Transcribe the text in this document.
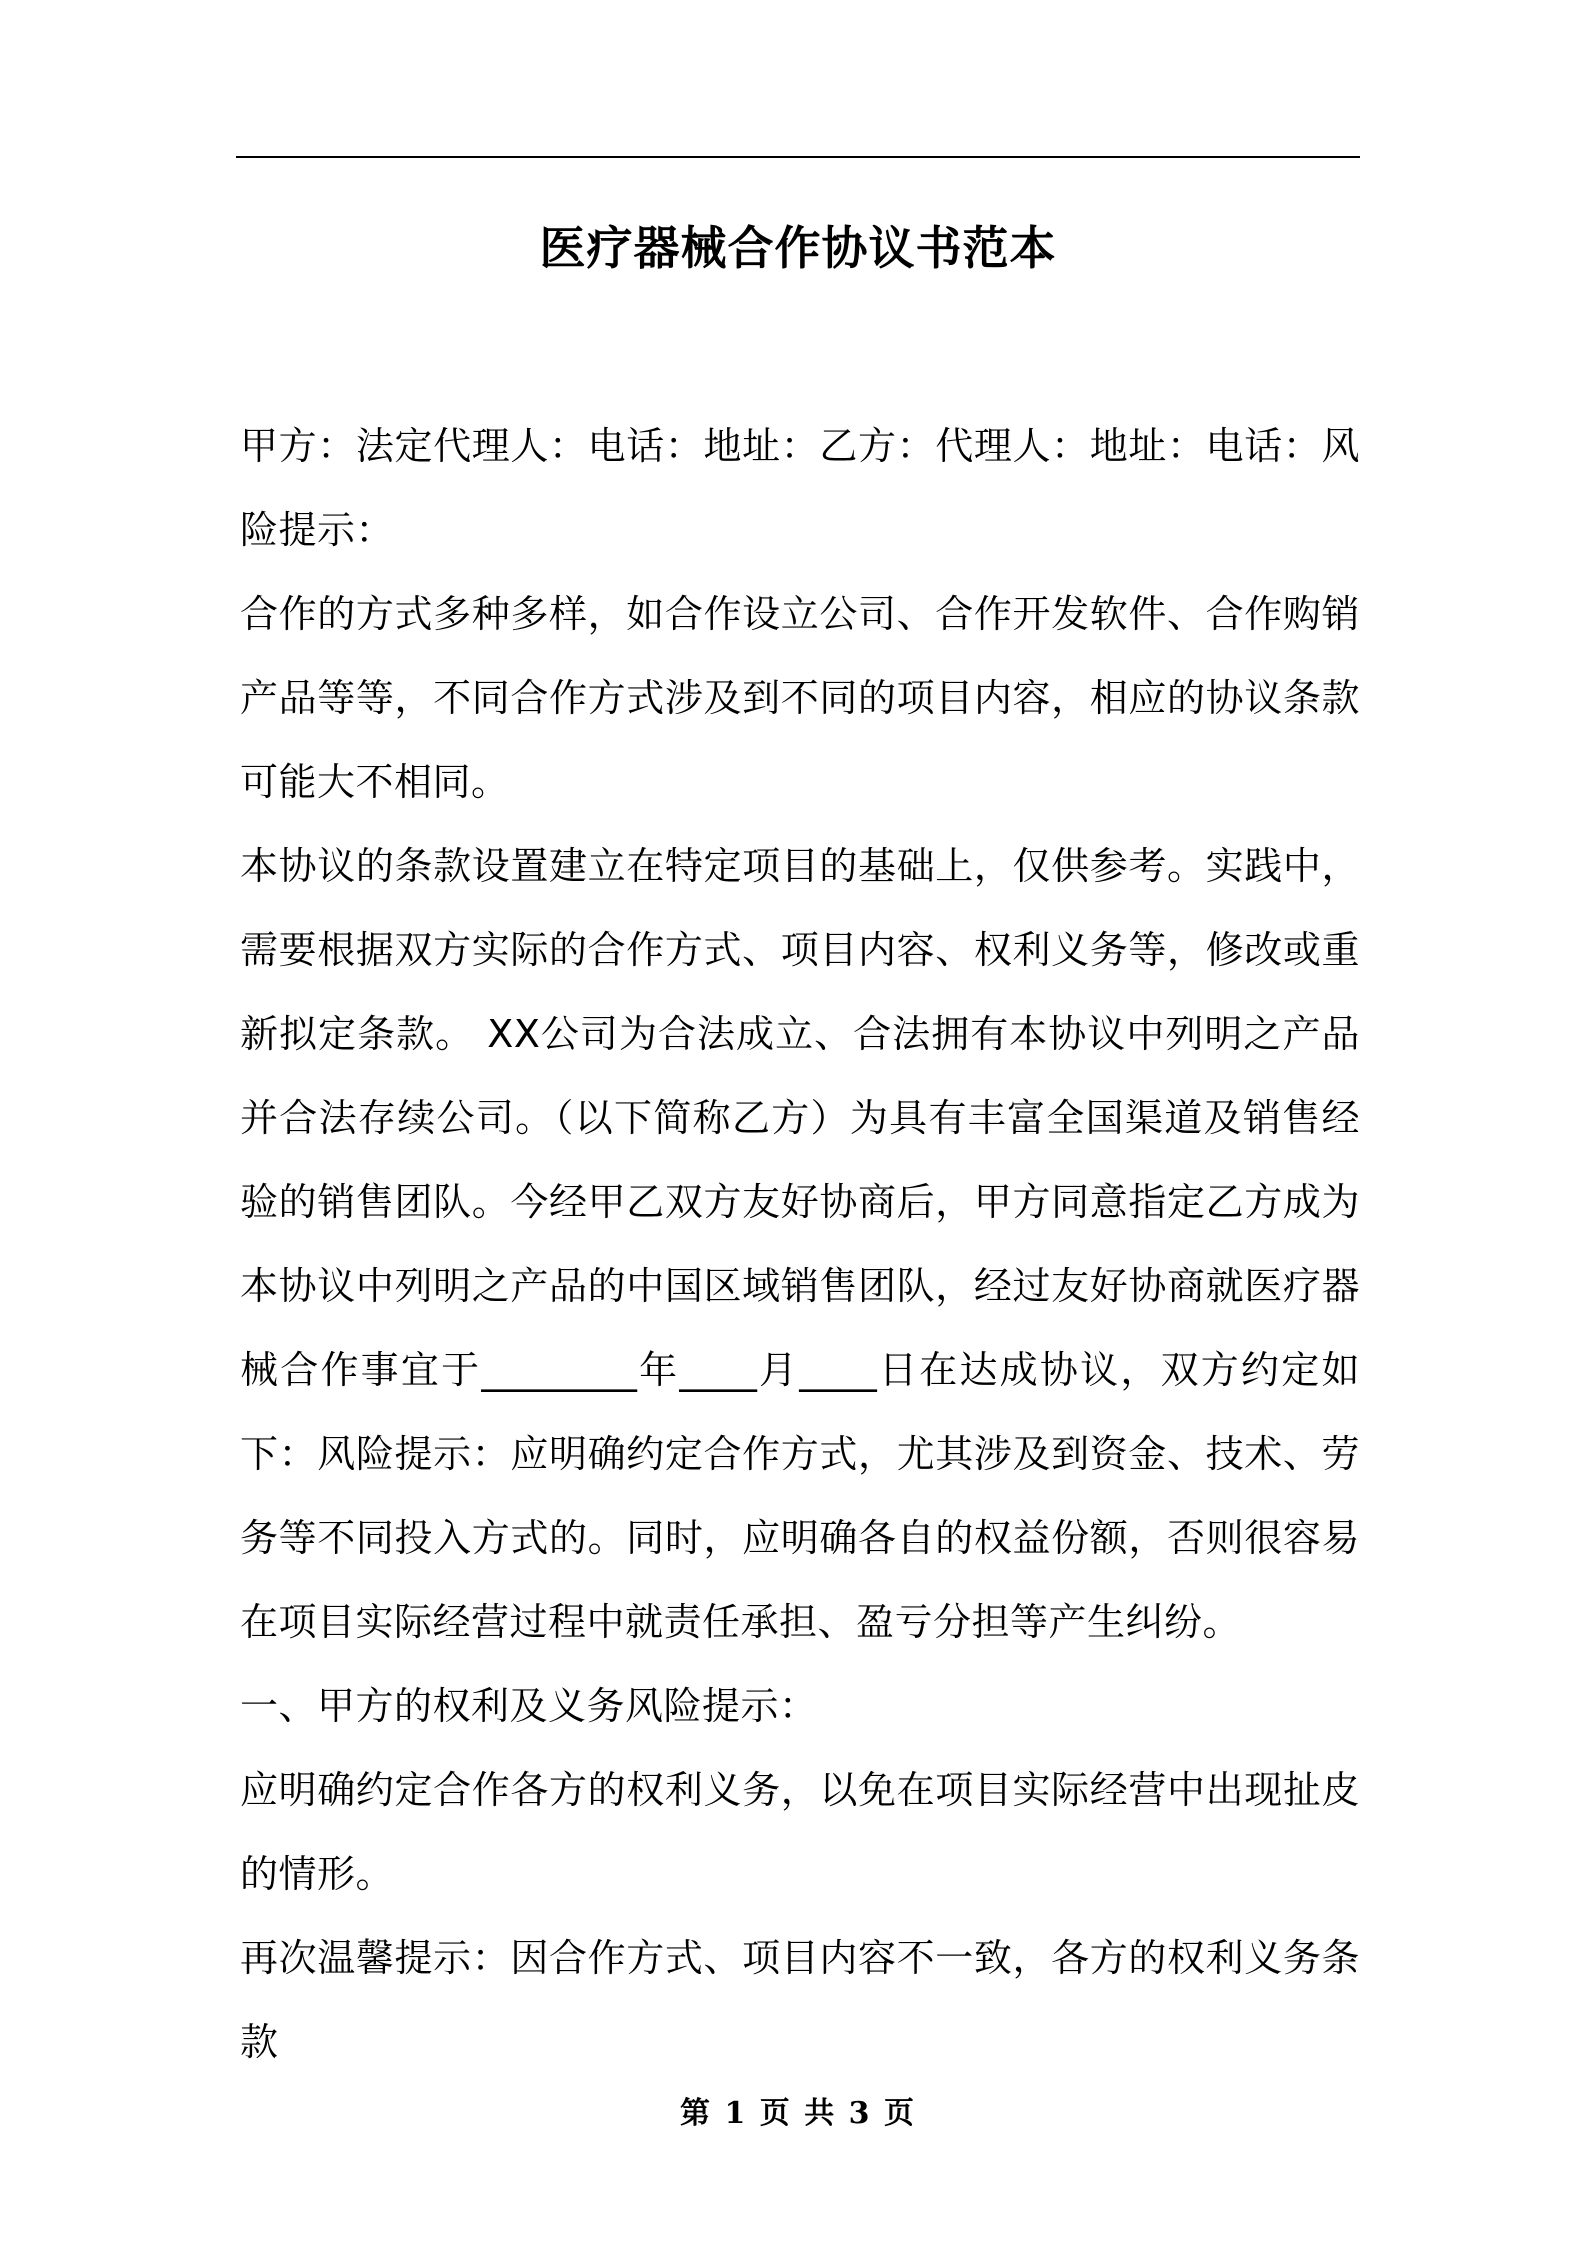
医疗器械合作协议书范本

甲方：法定代理人：电话：地址：乙方：代理人：地址：电话：风险提示：

合作的方式多种多样，如合作设立公司、合作开发软件、合作购销产品等等，不同合作方式涉及到不同的项目内容，相应的协议条款可能大不相同。

本协议的条款设置建立在特定项目的基础上，仅供参考。实践中，需要根据双方实际的合作方式、项目内容、权利义务等，修改或重新拟定条款。 XX公司为合法成立、合法拥有本协议中列明之产品并合法存续公司。（以下简称乙方）为具有丰富全国渠道及销售经验的销售团队。今经甲乙双方友好协商后，甲方同意指定乙方成为本协议中列明之产品的中国区域销售团队，经过友好协商就医疗器械合作事宜于________年____月____日在达成协议，双方约定如下：风险提示：应明确约定合作方式，尤其涉及到资金、技术、劳务等不同投入方式的。同时，应明确各自的权益份额，否则很容易在项目实际经营过程中就责任承担、盈亏分担等产生纠纷。

一、甲方的权利及义务风险提示：

应明确约定合作各方的权利义务，以免在项目实际经营中出现扯皮的情形。

再次温馨提示：因合作方式、项目内容不一致，各方的权利义务条款

第 1 页 共 3 页
